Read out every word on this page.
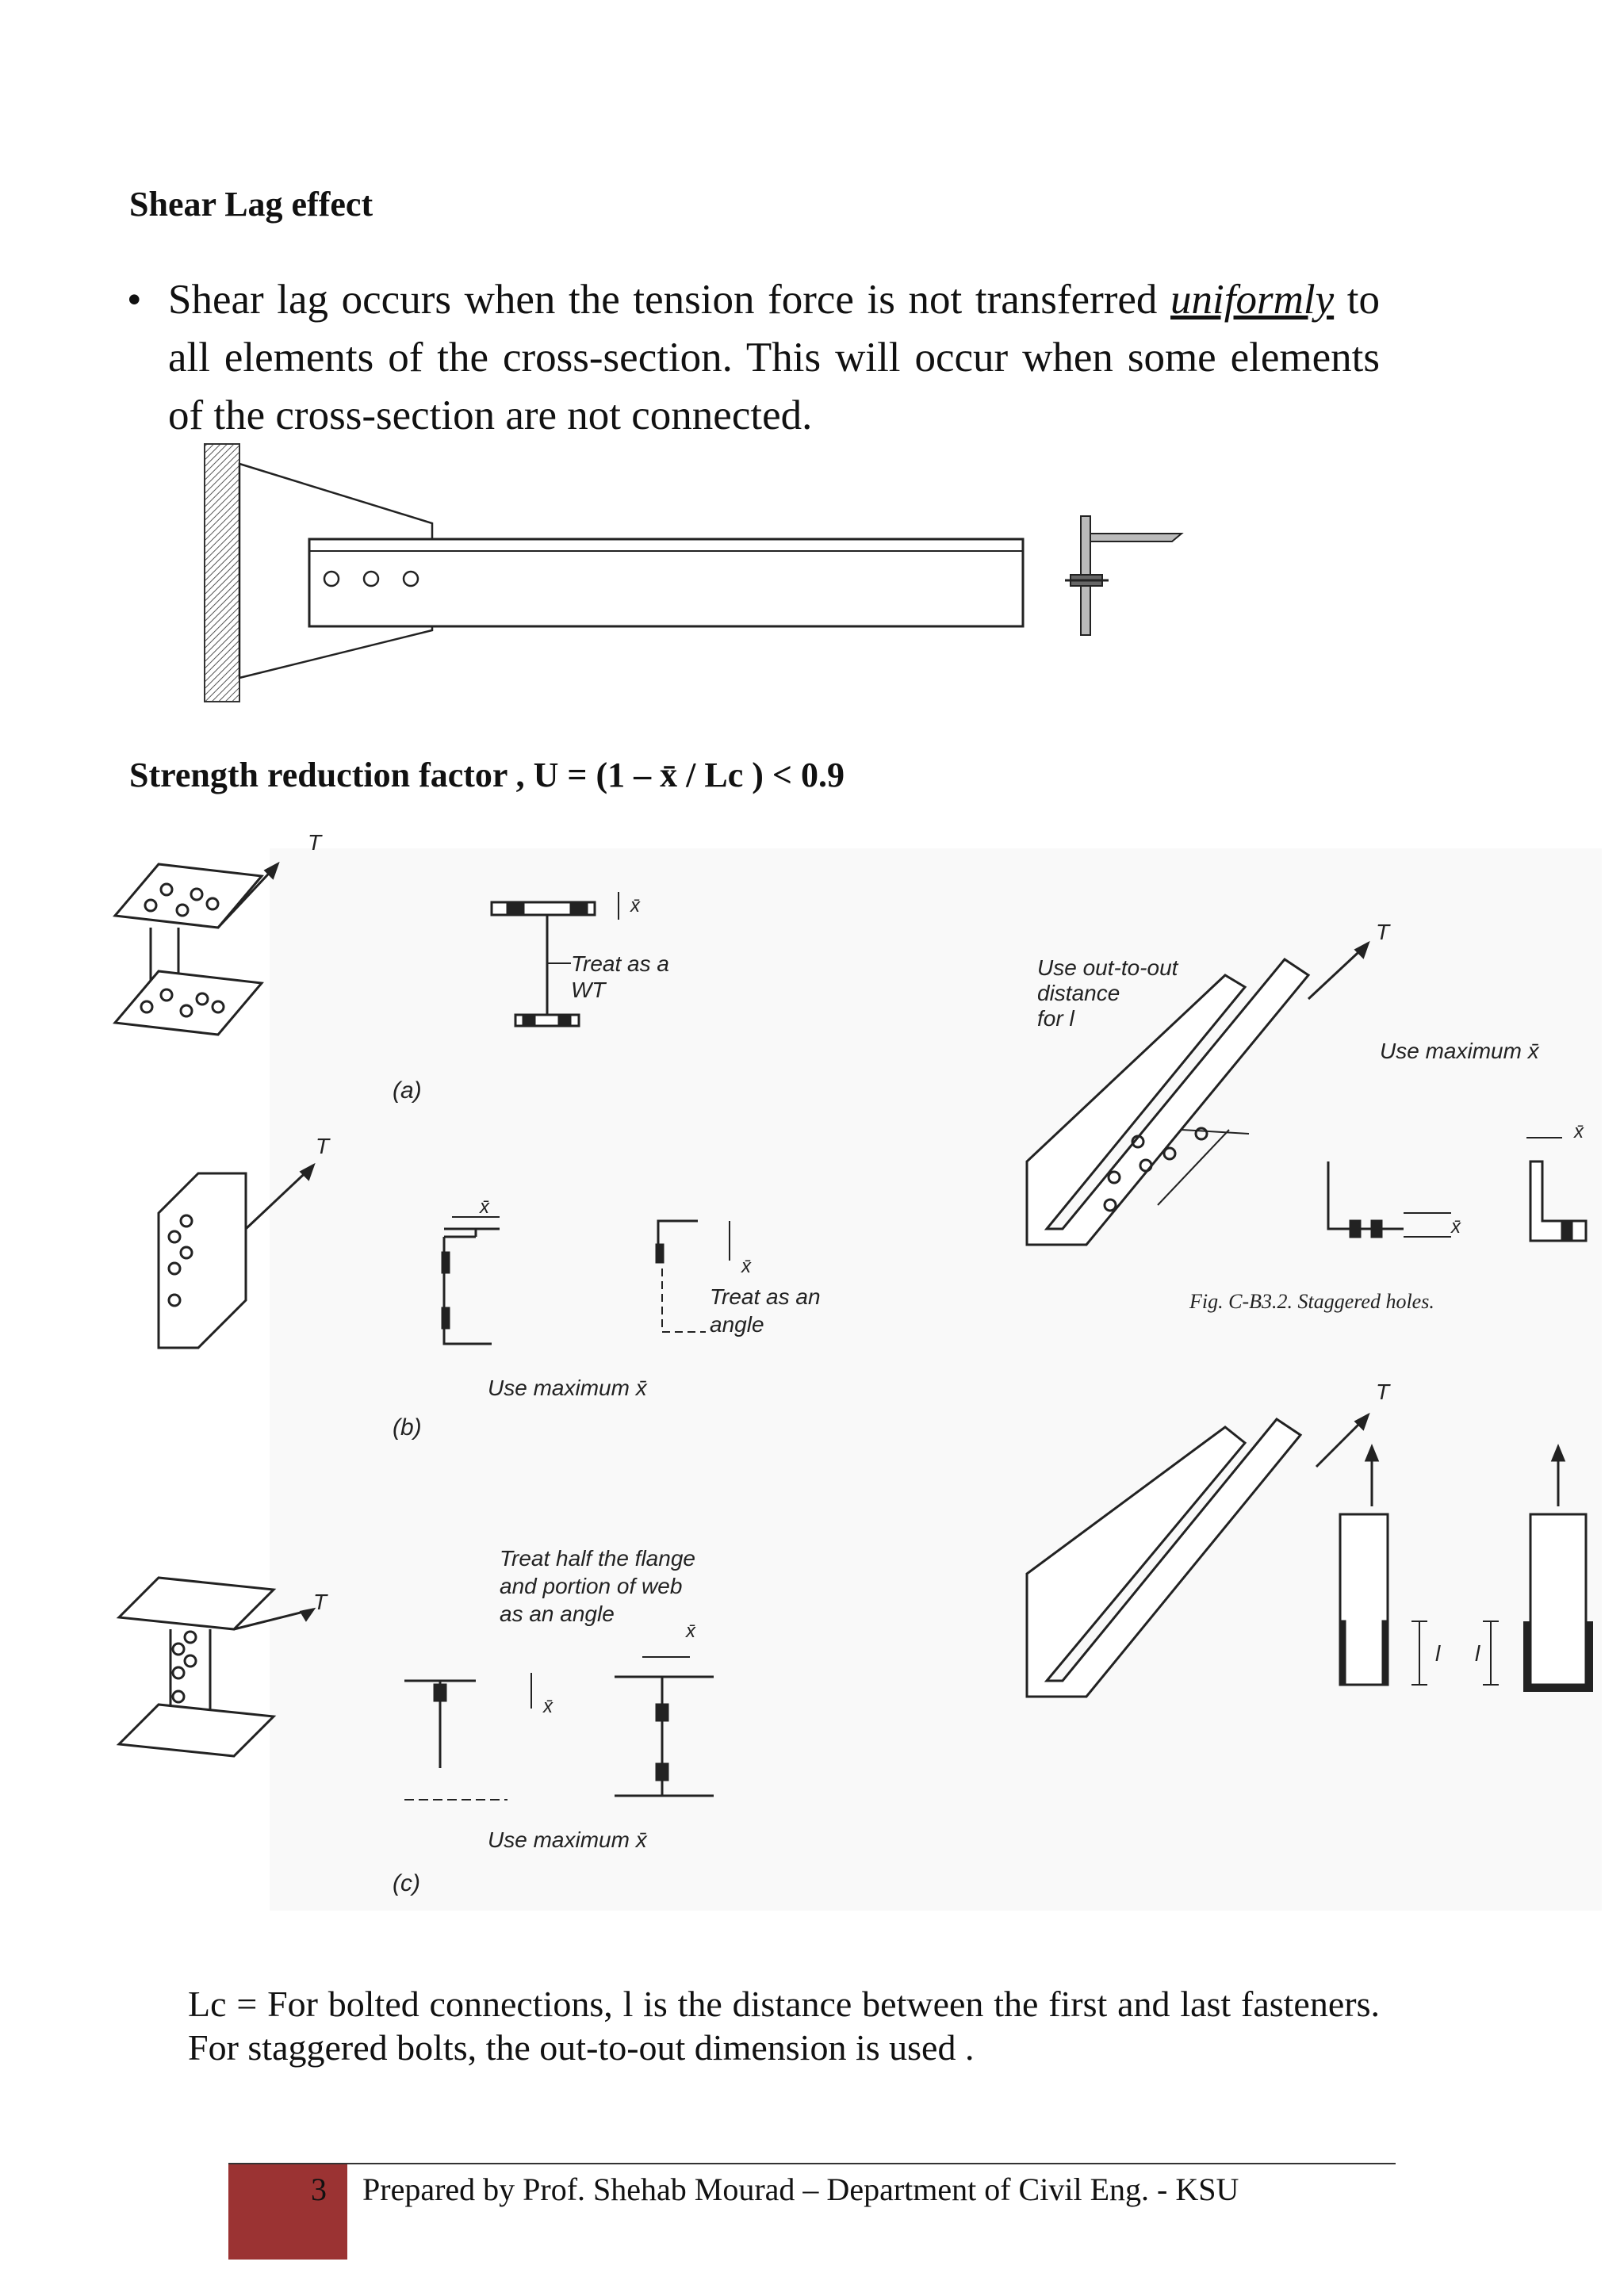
Shear Lag effect
• Shear lag occurs when the tension force is not transferred uniformly to all elements of the cross-section. This will occur when some elements of the cross-section are not connected.
Strength reduction factor , U = (1 – x̄ / Lc ) < 0.9
T
x̄
Treat as a
WT
(a)
T
x̄
x̄
Treat as an
angle
Use maximum x̄
(b)
T
Treat half the flange
and portion of web
as an angle
x̄
x̄
Use maximum x̄
(c)
T
Use out-to-out
distance
for l
Use maximum x̄
x̄
x̄
Fig. C-B3.2. Staggered holes.
T
l l
Lc = For bolted connections, l is the distance between the first and last fasteners. For staggered bolts, the out-to-out dimension is used .
3 Prepared by Prof. Shehab Mourad – Department of Civil Eng. - KSU
